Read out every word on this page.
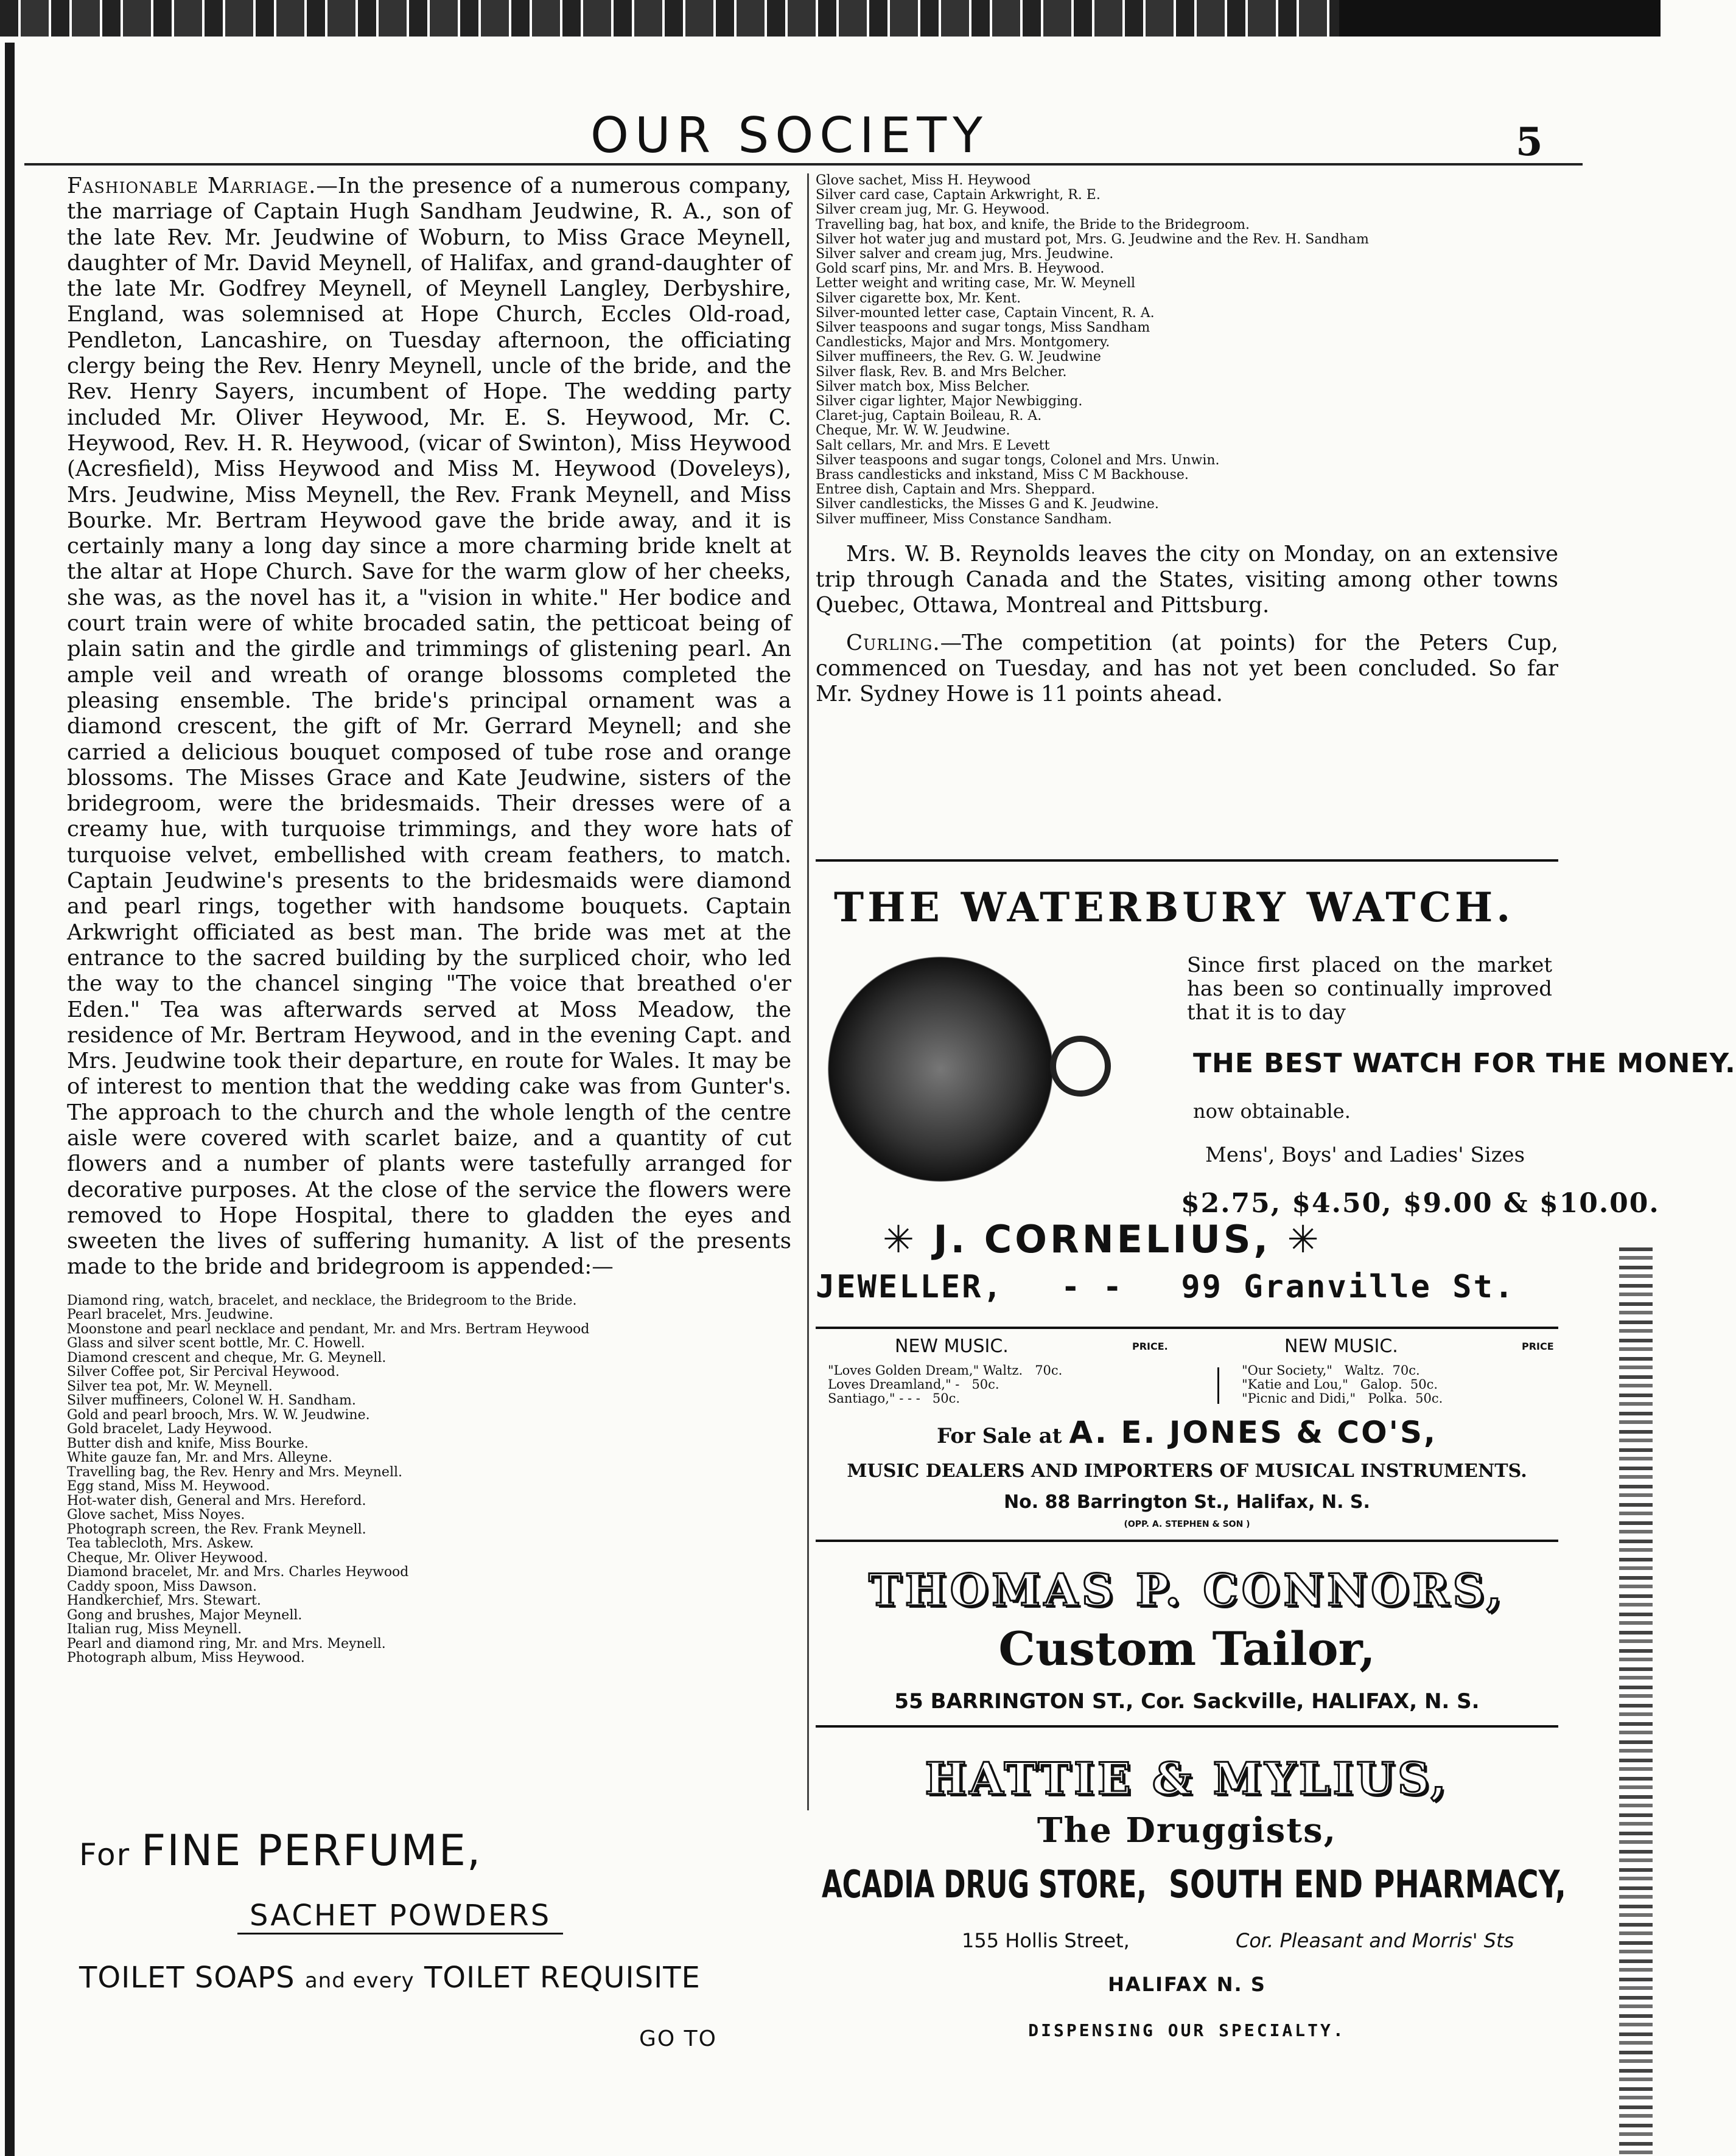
OUR SOCIETY	5

Fashionable Marriage.—In the presence of a numerous company, the marriage of Captain Hugh Sandham Jeudwine, R. A., son of the late Rev. Mr. Jeudwine of Woburn, to Miss Grace Meynell, daughter of Mr. David Meynell, of Halifax, and grand-daughter of the late Mr. Godfrey Meynell, of Meynell Langley, Derbyshire, England, was solemnised at Hope Church, Eccles Old-road, Pendleton, Lancashire, on Tuesday afternoon, the officiating clergy being the Rev. Henry Meynell, uncle of the bride, and the Rev. Henry Sayers, incumbent of Hope. The wedding party included Mr. Oliver Heywood, Mr. E. S. Heywood, Mr. C. Heywood, Rev. H. R. Heywood, (vicar of Swinton), Miss Heywood (Acresfield), Miss Heywood and Miss M. Heywood (Doveleys), Mrs. Jeudwine, Miss Meynell, the Rev. Frank Meynell, and Miss Bourke. Mr. Bertram Heywood gave the bride away, and it is certainly many a long day since a more charming bride knelt at the altar at Hope Church. Save for the warm glow of her cheeks, she was, as the novel has it, a "vision in white." Her bodice and court train were of white brocaded satin, the petticoat being of plain satin and the girdle and trimmings of glistening pearl. An ample veil and wreath of orange blossoms completed the pleasing ensemble. The bride's principal ornament was a diamond crescent, the gift of Mr. Gerrard Meynell; and she carried a delicious bouquet composed of tube rose and orange blossoms. The Misses Grace and Kate Jeudwine, sisters of the bridegroom, were the bridesmaids. Their dresses were of a creamy hue, with turquoise trimmings, and they wore hats of turquoise velvet, embellished with cream feathers, to match. Captain Jeudwine's presents to the bridesmaids were diamond and pearl rings, together with handsome bouquets. Captain Arkwright officiated as best man. The bride was met at the entrance to the sacred building by the surpliced choir, who led the way to the chancel singing "The voice that breathed o'er Eden." Tea was afterwards served at Moss Meadow, the residence of Mr. Bertram Heywood, and in the evening Capt. and Mrs. Jeudwine took their departure, en route for Wales. It may be of interest to mention that the wedding cake was from Gunter's. The approach to the church and the whole length of the centre aisle were covered with scarlet baize, and a quantity of cut flowers and a number of plants were tastefully arranged for decorative purposes. At the close of the service the flowers were removed to Hope Hospital, there to gladden the eyes and sweeten the lives of suffering humanity. A list of the presents made to the bride and bridegroom is appended:—

Diamond ring, watch, bracelet, and necklace, the Bridegroom to the Bride.
Pearl bracelet, Mrs. Jeudwine.
Moonstone and pearl necklace and pendant, Mr. and Mrs. Bertram Heywood
Glass and silver scent bottle, Mr. C. Howell.
Diamond crescent and cheque, Mr. G. Meynell.
Silver Coffee pot, Sir Percival Heywood.
Silver tea pot, Mr. W. Meynell.
Silver muffineers, Colonel W. H. Sandham.
Gold and pearl brooch, Mrs. W. W. Jeudwine.
Gold bracelet, Lady Heywood.
Butter dish and knife, Miss Bourke.
White gauze fan, Mr. and Mrs. Alleyne.
Travelling bag, the Rev. Henry and Mrs. Meynell.
Egg stand, Miss M. Heywood.
Hot-water dish, General and Mrs. Hereford.
Glove sachet, Miss Noyes.
Photograph screen, the Rev. Frank Meynell.
Tea tablecloth, Mrs. Askew.
Cheque, Mr. Oliver Heywood.
Diamond bracelet, Mr. and Mrs. Charles Heywood
Caddy spoon, Miss Dawson.
Handkerchief, Mrs. Stewart.
Gong and brushes, Major Meynell.
Italian rug, Miss Meynell.
Pearl and diamond ring, Mr. and Mrs. Meynell.
Photograph album, Miss Heywood.
Glove sachet, Miss H. Heywood
Silver card case, Captain Arkwright, R. E.
Silver cream jug, Mr. G. Heywood.
Travelling bag, hat box, and knife, the Bride to the Bridegroom.
Silver hot water jug and mustard pot, Mrs. G. Jeudwine and the Rev. H. Sandham
Silver salver and cream jug, Mrs. Jeudwine.
Gold scarf pins, Mr. and Mrs. B. Heywood.
Letter weight and writing case, Mr. W. Meynell
Silver cigarette box, Mr. Kent.
Silver-mounted letter case, Captain Vincent, R. A.
Silver teaspoons and sugar tongs, Miss Sandham
Candlesticks, Major and Mrs. Montgomery.
Silver muffineers, the Rev. G. W. Jeudwine
Silver flask, Rev. B. and Mrs Belcher.
Silver match box, Miss Belcher.
Silver cigar lighter, Major Newbigging.
Claret-jug, Captain Boileau, R. A.
Cheque, Mr. W. W. Jeudwine.
Salt cellars, Mr. and Mrs. E Levett
Silver teaspoons and sugar tongs, Colonel and Mrs. Unwin.
Brass candlesticks and inkstand, Miss C M Backhouse.
Entree dish, Captain and Mrs. Sheppard.
Silver candlesticks, the Misses G and K. Jeudwine.
Silver muffineer, Miss Constance Sandham.

Mrs. W. B. Reynolds leaves the city on Monday, on an extensive trip through Canada and the States, visiting among other towns Quebec, Ottawa, Montreal and Pittsburg.

Curling.—The competition (at points) for the Peters Cup, commenced on Tuesday, and has not yet been concluded. So far Mr. Sydney Howe is 11 points ahead.

THE WATERBURY WATCH.
Since first placed on the market has been so continually improved that it is to day
THE BEST WATCH FOR THE MONEY.
now obtainable.
Mens', Boys' and Ladies' Sizes
$2.75, $4.50, $9.00 & $10.00.
✳ J. CORNELIUS, ✳
JEWELLER, - - 99 Granville St.
NEW MUSIC.	PRICE.	NEW MUSIC.	PRICE
"Loves Golden Dream," Waltz. 70c.
Loves Dreamland," - 50c.
Santiago," - - - 50c.
"Our Society," Waltz. 70c.
"Katie and Lou," Galop. 50c.
"Picnic and Didi," Polka. 50c.
For Sale at A. E. JONES & CO'S,
MUSIC DEALERS AND IMPORTERS OF MUSICAL INSTRUMENTS.
No. 88 Barrington St., Halifax, N. S.
(OPP. A. STEPHEN & SON )
THOMAS P. CONNORS,
Custom Tailor,
55 BARRINGTON ST., Cor. Sackville, HALIFAX, N. S.
HATTIE & MYLIUS,
The Druggists,
ACADIA DRUG STORE, SOUTH END PHARMACY,
155 Hollis Street,	Cor. Pleasant and Morris' Sts
HALIFAX N. S
DISPENSING OUR SPECIALTY.
For FINE PERFUME,
SACHET POWDERS
TOILET SOAPS and every TOILET REQUISITE
GO TO
